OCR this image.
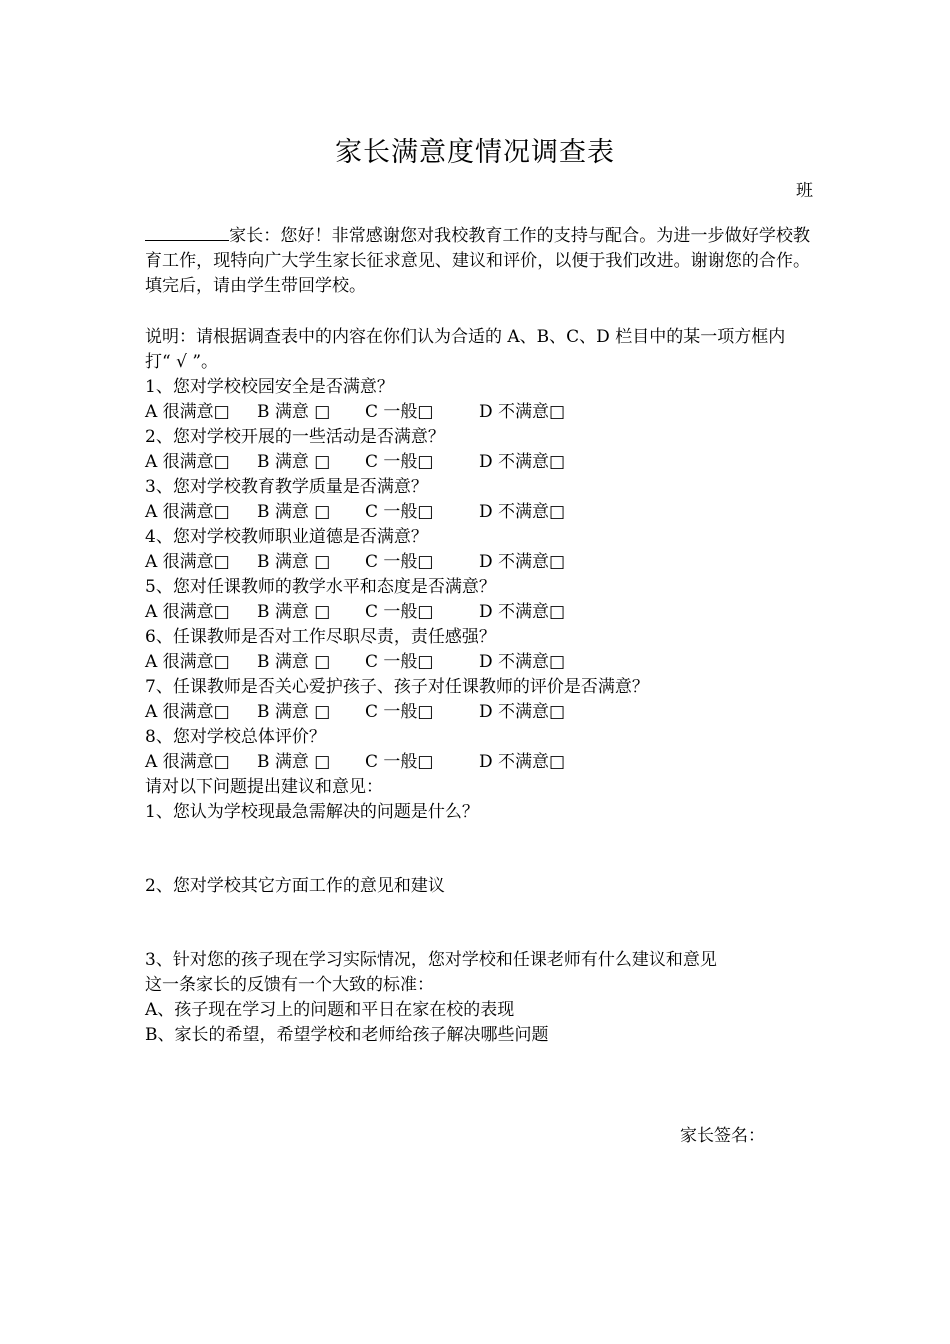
家长满意度情况调查表
班

家长：您好！非常感谢您对我校教育工作的支持与配合。为进一步做好学校教育工作，现特向广大学生家长征求意见、建议和评价，以便于我们改进。谢谢您的合作。填完后，请由学生带回学校。

说明：请根据调查表中的内容在你们认为合适的 A、B、C、D 栏目中的某一项方框内打“ √ ”。

1、您对学校校园安全是否满意？

A 很满意□	B 满意 □	C 一般□	D 不满意□

2、您对学校开展的一些活动是否满意？

A 很满意□	B 满意 □	C 一般□	D 不满意□

3、您对学校教育教学质量是否满意？

A 很满意□	B 满意 □	C 一般□	D 不满意□

4、您对学校教师职业道德是否满意？

A 很满意□	B 满意 □	C 一般□	D 不满意□

5、您对任课教师的教学水平和态度是否满意？

A 很满意□	B 满意 □	C 一般□	D 不满意□

6、任课教师是否对工作尽职尽责，责任感强？

A 很满意□	B 满意 □	C 一般□	D 不满意□

7、任课教师是否关心爱护孩子、孩子对任课教师的评价是否满意？

A 很满意□	B 满意 □	C 一般□	D 不满意□

8、您对学校总体评价？

A 很满意□	B 满意 □	C 一般□	D 不满意□

请对以下问题提出建议和意见：

1、您认为学校现最急需解决的问题是什么？

2、您对学校其它方面工作的意见和建议

3、针对您的孩子现在学习实际情况，您对学校和任课老师有什么建议和意见

这一条家长的反馈有一个大致的标准：

A、孩子现在学习上的问题和平日在家在校的表现

B、家长的希望，希望学校和老师给孩子解决哪些问题

家长签名：
